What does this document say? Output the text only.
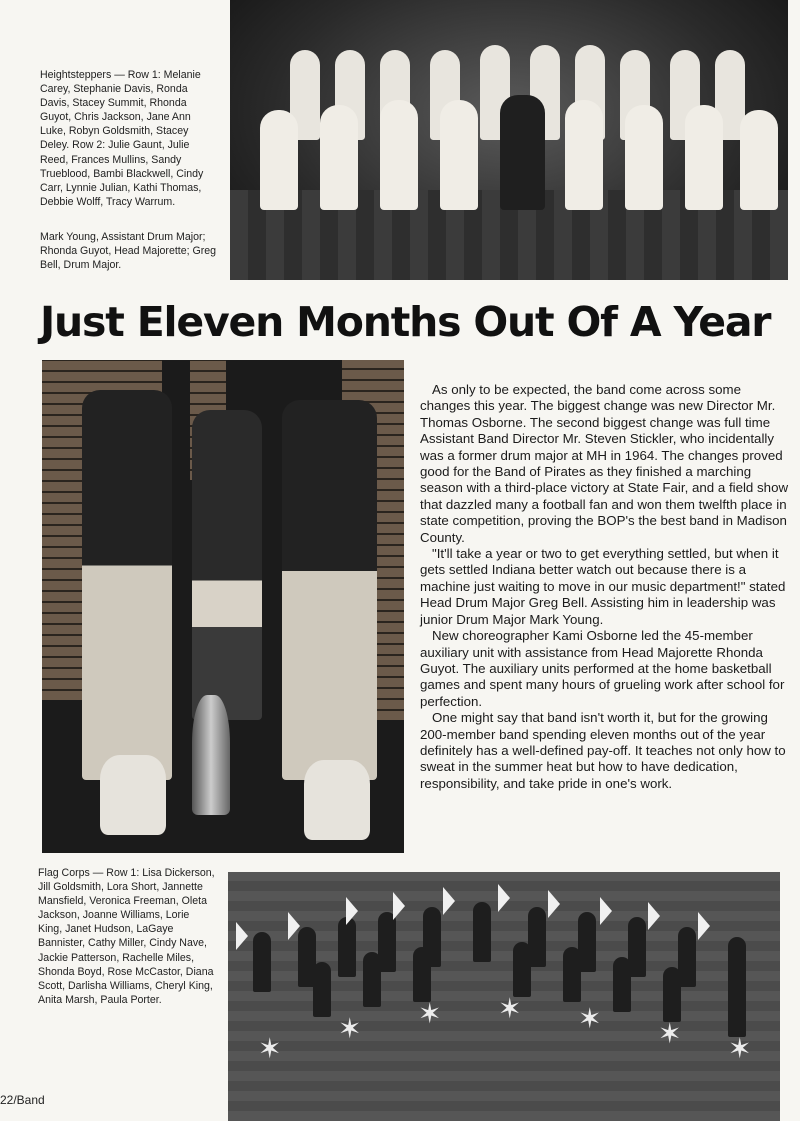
Heightsteppers — Row 1: Melanie Carey, Stephanie Davis, Ronda Davis, Stacey Summit, Rhonda Guyot, Chris Jackson, Jane Ann Luke, Robyn Goldsmith, Stacey Deley. Row 2: Julie Gaunt, Julie Reed, Frances Mullins, Sandy Trueblood, Bambi Blackwell, Cindy Carr, Lynnie Julian, Kathi Thomas, Debbie Wolff, Tracy Warrum.
Mark Young, Assistant Drum Major; Rhonda Guyot, Head Majorette; Greg Bell, Drum Major.
Just Eleven Months Out Of A Year

As only to be expected, the band come across some changes this year. The biggest change was new Director Mr. Thomas Osborne. The second biggest change was full time Assistant Band Director Mr. Steven Stickler, who incidentally was a former drum major at MH in 1964. The changes proved good for the Band of Pirates as they finished a marching season with a third-place victory at State Fair, and a field show that dazzled many a football fan and won them twelfth place in state competition, proving the BOP's the best band in Madison County.

"It'll take a year or two to get everything settled, but when it gets settled Indiana better watch out because there is a machine just waiting to move in our music department!" stated Head Drum Major Greg Bell. Assisting him in leadership was junior Drum Major Mark Young.

New choreographer Kami Osborne led the 45-member auxiliary unit with assistance from Head Majorette Rhonda Guyot. The auxiliary units performed at the home basketball games and spent many hours of grueling work after school for perfection.

One might say that band isn't worth it, but for the growing 200-member band spending eleven months out of the year definitely has a well-defined pay-off. It teaches not only how to sweat in the summer heat but how to have dedication, responsibility, and take pride in one's work.

✶
✶ ✶ ✶ ✶ ✶ ✶
Flag Corps — Row 1: Lisa Dickerson, Jill Goldsmith, Lora Short, Jannette Mansfield, Veronica Freeman, Oleta Jackson, Joanne Williams, Lorie King, Janet Hudson, LaGaye Bannister, Cathy Miller, Cindy Nave, Jackie Patterson, Rachelle Miles, Shonda Boyd, Rose McCastor, Diana Scott, Darlisha Williams, Cheryl King, Anita Marsh, Paula Porter.
22/Band
